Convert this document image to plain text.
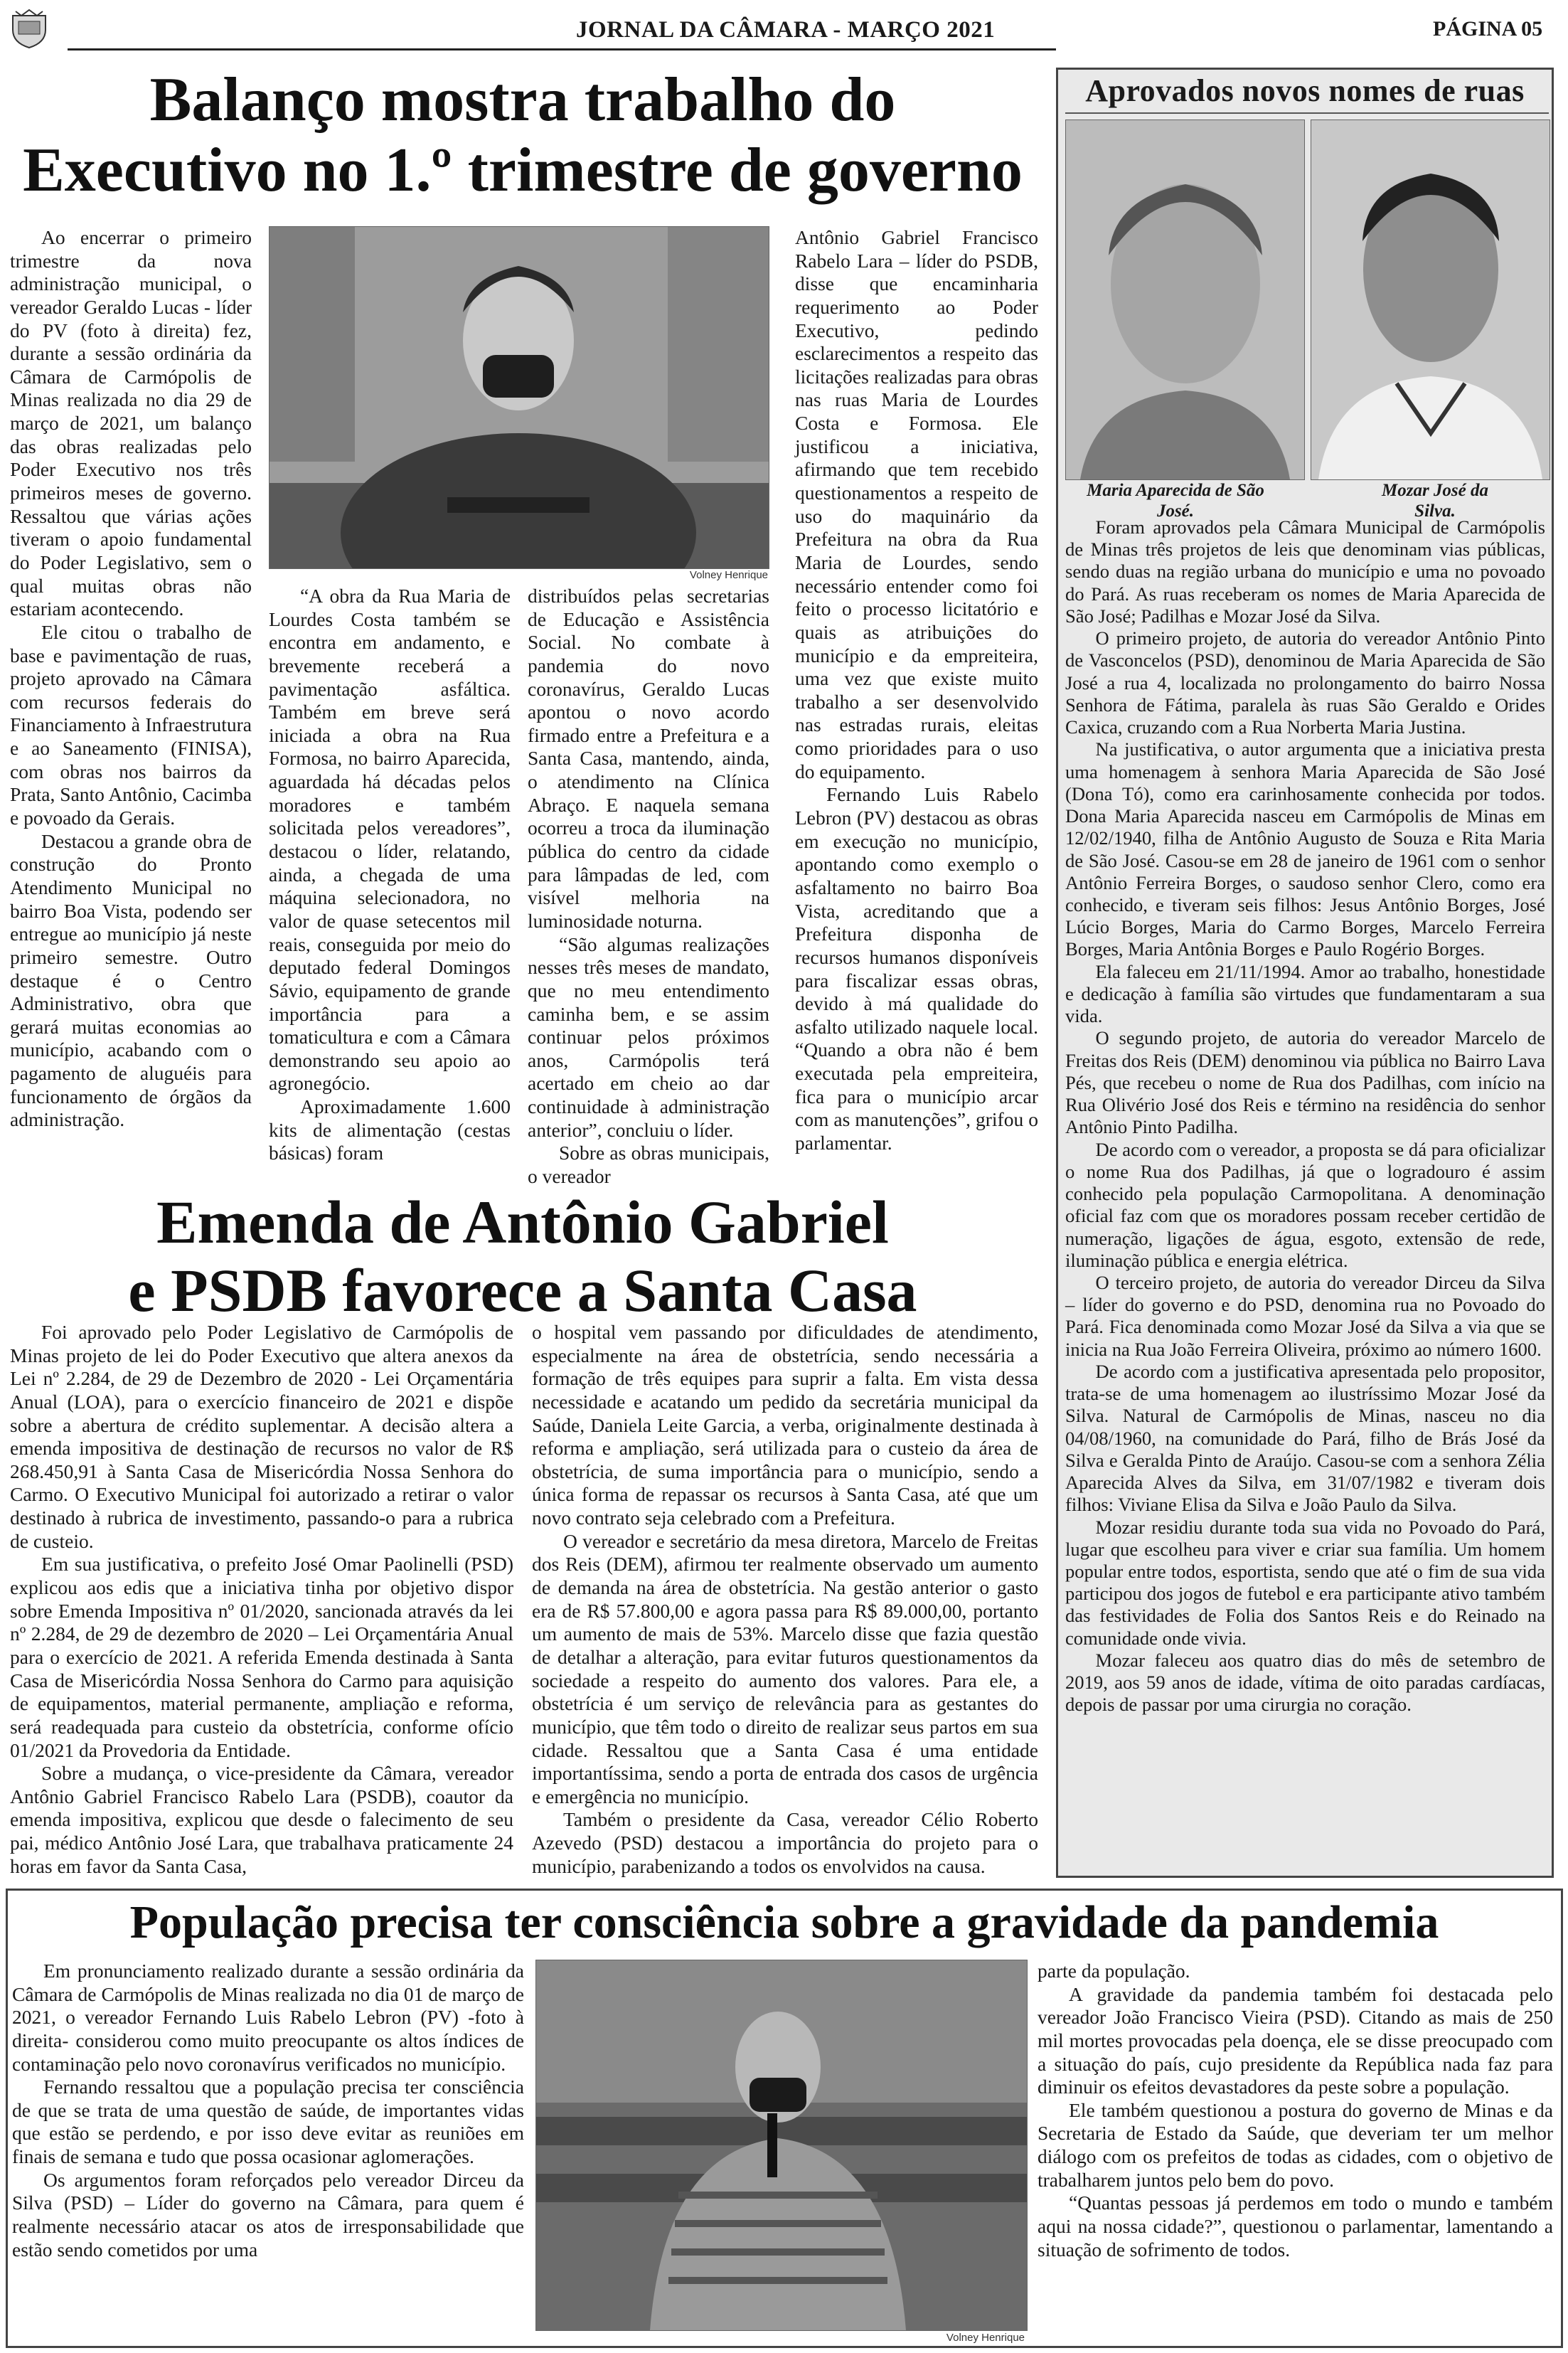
JORNAL DA CÂMARA - MARÇO 2021	PÁGINA 05
Balanço mostra trabalho do
Executivo no 1.º trimestre de governo

Ao encerrar o primeiro trimestre da nova administração municipal, o vereador Geraldo Lucas - líder do PV (foto à direita) fez, durante a sessão ordinária da Câmara de Carmópolis de Minas realizada no dia 29 de março de 2021, um balanço das obras realizadas pelo Poder Executivo nos três primeiros meses de governo. Ressaltou que várias ações tiveram o apoio fundamental do Poder Legislativo, sem o qual muitas obras não estariam acontecendo.

Ele citou o trabalho de base e pavimentação de ruas, projeto aprovado na Câmara com recursos federais do Financiamento à Infraestrutura e ao Saneamento (FINISA), com obras nos bairros da Prata, Santo Antônio, Cacimba e povoado da Gerais.

Destacou a grande obra de construção do Pronto Atendimento Municipal no bairro Boa Vista, podendo ser entregue ao município já neste primeiro semestre. Outro destaque é o Centro Administrativo, obra que gerará muitas economias ao município, acabando com o pagamento de aluguéis para funcionamento de órgãos da administração.

Volney Henrique

“A obra da Rua Maria de Lourdes Costa também se encontra em andamento, e brevemente receberá a pavimentação asfáltica. Também em breve será iniciada a obra na Rua Formosa, no bairro Aparecida, aguardada há décadas pelos moradores e também solicitada pelos vereadores”, destacou o líder, relatando, ainda, a chegada de uma máquina selecionadora, no valor de quase setecentos mil reais, conseguida por meio do deputado federal Domingos Sávio, equipamento de grande importância para a tomaticultura e com a Câmara demonstrando seu apoio ao agronegócio.

Aproximadamente 1.600 kits de alimentação (cestas básicas) foram

distribuídos pelas secretarias de Educação e Assistência Social. No combate à pandemia do novo coronavírus, Geraldo Lucas apontou o novo acordo firmado entre a Prefeitura e a Santa Casa, mantendo, ainda, o atendimento na Clínica Abraço. E naquela semana ocorreu a troca da iluminação pública do centro da cidade para lâmpadas de led, com visível melhoria na luminosidade noturna.

“São algumas realizações nesses três meses de mandato, que no meu entendimento caminha bem, e se assim continuar pelos próximos anos, Carmópolis terá acertado em cheio ao dar continuidade à administração anterior”, concluiu o líder.

Sobre as obras municipais, o vereador

Antônio Gabriel Francisco Rabelo Lara – líder do PSDB, disse que encaminharia requerimento ao Poder Executivo, pedindo esclarecimentos a respeito das licitações realizadas para obras nas ruas Maria de Lourdes Costa e Formosa. Ele justificou a iniciativa, afirmando que tem recebido questionamentos a respeito de uso do maquinário da Prefeitura na obra da Rua Maria de Lourdes, sendo necessário entender como foi feito o processo licitatório e quais as atribuições do município e da empreiteira, uma vez que existe muito trabalho a ser desenvolvido nas estradas rurais, eleitas como prioridades para o uso do equipamento.

Fernando Luis Rabelo Lebron (PV) destacou as obras em execução no município, apontando como exemplo o asfaltamento no bairro Boa Vista, acreditando que a Prefeitura disponha de recursos humanos disponíveis para fiscalizar essas obras, devido à má qualidade do asfalto utilizado naquele local. “Quando a obra não é bem executada pela empreiteira, fica para o município arcar com as manutenções”, grifou o parlamentar.

Emenda de Antônio Gabriel
e PSDB favorece a Santa Casa

Foi aprovado pelo Poder Legislativo de Carmópolis de Minas projeto de lei do Poder Executivo que altera anexos da Lei nº 2.284, de 29 de Dezembro de 2020 - Lei Orçamentária Anual (LOA), para o exercício financeiro de 2021 e dispõe sobre a abertura de crédito suplementar. A decisão altera a emenda impositiva de destinação de recursos no valor de R$ 268.450,91 à Santa Casa de Misericórdia Nossa Senhora do Carmo. O Executivo Municipal foi autorizado a retirar o valor destinado à rubrica de investimento, passando-o para a rubrica de custeio.

Em sua justificativa, o prefeito José Omar Paolinelli (PSD) explicou aos edis que a iniciativa tinha por objetivo dispor sobre Emenda Impositiva nº 01/2020, sancionada através da lei nº 2.284, de 29 de dezembro de 2020 – Lei Orçamentária Anual para o exercício de 2021. A referida Emenda destinada à Santa Casa de Misericórdia Nossa Senhora do Carmo para aquisição de equipamentos, material permanente, ampliação e reforma, será readequada para custeio da obstetrícia, conforme ofício 01/2021 da Provedoria da Entidade.

Sobre a mudança, o vice-presidente da Câmara, vereador Antônio Gabriel Francisco Rabelo Lara (PSDB), coautor da emenda impositiva, explicou que desde o falecimento de seu pai, médico Antônio José Lara, que trabalhava praticamente 24 horas em favor da Santa Casa,

o hospital vem passando por dificuldades de atendimento, especialmente na área de obstetrícia, sendo necessária a formação de três equipes para suprir a falta. Em vista dessa necessidade e acatando um pedido da secretária municipal da Saúde, Daniela Leite Garcia, a verba, originalmente destinada à reforma e ampliação, será utilizada para o custeio da área de obstetrícia, de suma importância para o município, sendo a única forma de repassar os recursos à Santa Casa, até que um novo contrato seja celebrado com a Prefeitura.

O vereador e secretário da mesa diretora, Marcelo de Freitas dos Reis (DEM), afirmou ter realmente observado um aumento de demanda na área de obstetrícia. Na gestão anterior o gasto era de R$ 57.800,00 e agora passa para R$ 89.000,00, portanto um aumento de mais de 53%. Marcelo disse que fazia questão de detalhar a alteração, para evitar futuros questionamentos da sociedade a respeito do aumento dos valores. Para ele, a obstetrícia é um serviço de relevância para as gestantes do município, que têm todo o direito de realizar seus partos em sua cidade. Ressaltou que a Santa Casa é uma entidade importantíssima, sendo a porta de entrada dos casos de urgência e emergência no município.

Também o presidente da Casa, vereador Célio Roberto Azevedo (PSD) destacou a importância do projeto para o município, parabenizando a todos os envolvidos na causa.

Aprovados novos nomes de ruas
Maria Aparecida de São José.
Mozar José da Silva.

Foram aprovados pela Câmara Municipal de Carmópolis de Minas três projetos de leis que denominam vias públicas, sendo duas na região urbana do município e uma no povoado do Pará. As ruas receberam os nomes de Maria Aparecida de São José; Padilhas e Mozar José da Silva.

O primeiro projeto, de autoria do vereador Antônio Pinto de Vasconcelos (PSD), denominou de Maria Aparecida de São José a rua 4, localizada no prolongamento do bairro Nossa Senhora de Fátima, paralela às ruas São Geraldo e Orides Caxica, cruzando com a Rua Norberta Maria Justina.

Na justificativa, o autor argumenta que a iniciativa presta uma homenagem à senhora Maria Aparecida de São José (Dona Tó), como era carinhosamente conhecida por todos. Dona Maria Aparecida nasceu em Carmópolis de Minas em 12/02/1940, filha de Antônio Augusto de Souza e Rita Maria de São José. Casou-se em 28 de janeiro de 1961 com o senhor Antônio Ferreira Borges, o saudoso senhor Clero, como era conhecido, e tiveram seis filhos: Jesus Antônio Borges, José Lúcio Borges, Maria do Carmo Borges, Marcelo Ferreira Borges, Maria Antônia Borges e Paulo Rogério Borges.

Ela faleceu em 21/11/1994. Amor ao trabalho, honestidade e dedicação à família são virtudes que fundamentaram a sua vida.

O segundo projeto, de autoria do vereador Marcelo de Freitas dos Reis (DEM) denominou via pública no Bairro Lava Pés, que recebeu o nome de Rua dos Padilhas, com início na Rua Olivério José dos Reis e término na residência do senhor Antônio Pinto Padilha.

De acordo com o vereador, a proposta se dá para oficializar o nome Rua dos Padilhas, já que o logradouro é assim conhecido pela população Carmopolitana. A denominação oficial faz com que os moradores possam receber certidão de numeração, ligações de água, esgoto, extensão de rede, iluminação pública e energia elétrica.

O terceiro projeto, de autoria do vereador Dirceu da Silva – líder do governo e do PSD, denomina rua no Povoado do Pará. Fica denominada como Mozar José da Silva a via que se inicia na Rua João Ferreira Oliveira, próximo ao número 1600.

De acordo com a justificativa apresentada pelo propositor, trata-se de uma homenagem ao ilustríssimo Mozar José da Silva. Natural de Carmópolis de Minas, nasceu no dia 04/08/1960, na comunidade do Pará, filho de Brás José da Silva e Geralda Pinto de Araújo. Casou-se com a senhora Zélia Aparecida Alves da Silva, em 31/07/1982 e tiveram dois filhos: Viviane Elisa da Silva e João Paulo da Silva.

Mozar residiu durante toda sua vida no Povoado do Pará, lugar que escolheu para viver e criar sua família. Um homem popular entre todos, esportista, sendo que até o fim de sua vida participou dos jogos de futebol e era participante ativo também das festividades de Folia dos Santos Reis e do Reinado na comunidade onde vivia.

Mozar faleceu aos quatro dias do mês de setembro de 2019, aos 59 anos de idade, vítima de oito paradas cardíacas, depois de passar por uma cirurgia no coração.

População precisa ter consciência sobre a gravidade da pandemia

Em pronunciamento realizado durante a sessão ordinária da Câmara de Carmópolis de Minas realizada no dia 01 de março de 2021, o vereador Fernando Luis Rabelo Lebron (PV) -foto à direita- considerou como muito preocupante os altos índices de contaminação pelo novo coronavírus verificados no município.

Fernando ressaltou que a população precisa ter consciência de que se trata de uma questão de saúde, de importantes vidas que estão se perdendo, e por isso deve evitar as reuniões em finais de semana e tudo que possa ocasionar aglomerações.

Os argumentos foram reforçados pelo vereador Dirceu da Silva (PSD) – Líder do governo na Câmara, para quem é realmente necessário atacar os atos de irresponsabilidade que estão sendo cometidos por uma

Volney Henrique

parte da população.

A gravidade da pandemia também foi destacada pelo vereador João Francisco Vieira (PSD). Citando as mais de 250 mil mortes provocadas pela doença, ele se disse preocupado com a situação do país, cujo presidente da República nada faz para diminuir os efeitos devastadores da peste sobre a população.

Ele também questionou a postura do governo de Minas e da Secretaria de Estado da Saúde, que deveriam ter um melhor diálogo com os prefeitos de todas as cidades, com o objetivo de trabalharem juntos pelo bem do povo.

“Quantas pessoas já perdemos em todo o mundo e também aqui na nossa cidade?”, questionou o parlamentar, lamentando a situação de sofrimento de todos.
